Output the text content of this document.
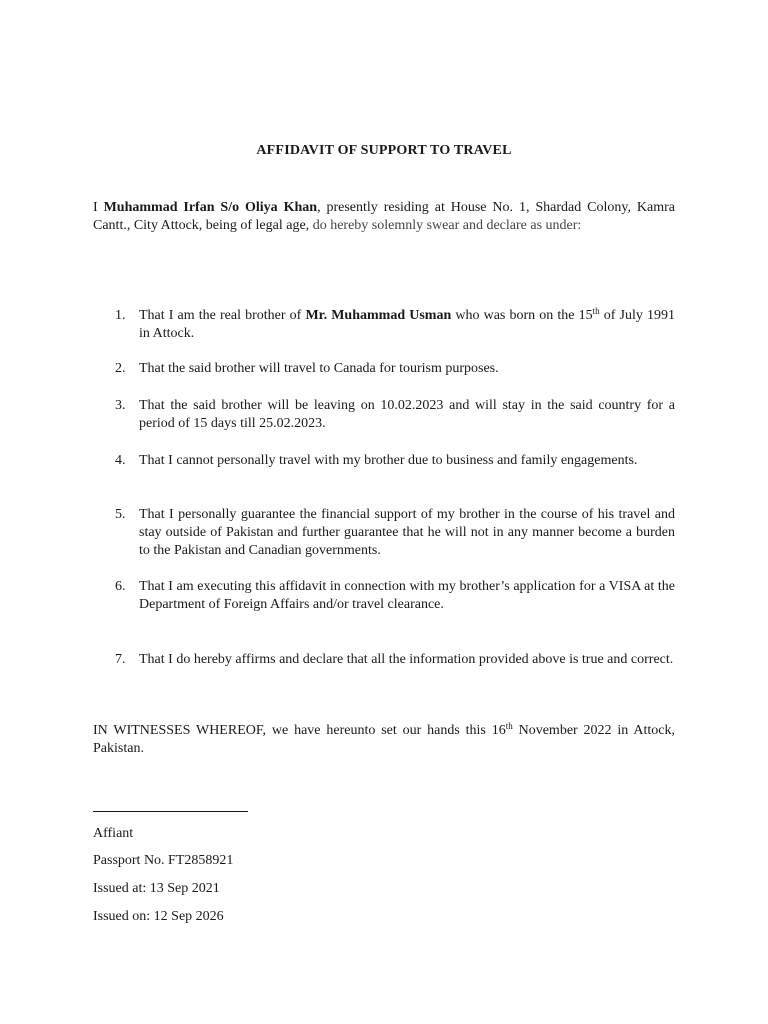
AFFIDAVIT OF SUPPORT TO TRAVEL
I Muhammad Irfan S/o Oliya Khan, presently residing at House No. 1, Shardad Colony, Kamra Cantt., City Attock, being of legal age, do hereby solemnly swear and declare as under:
1. That I am the real brother of Mr. Muhammad Usman who was born on the 15th of July 1991 in Attock.
2. That the said brother will travel to Canada for tourism purposes.
3. That the said brother will be leaving on 10.02.2023 and will stay in the said country for a period of 15 days till 25.02.2023.
4. That I cannot personally travel with my brother due to business and family engagements.
5. That I personally guarantee the financial support of my brother in the course of his travel and stay outside of Pakistan and further guarantee that he will not in any manner become a burden to the Pakistan and Canadian governments.
6. That I am executing this affidavit in connection with my brother’s application for a VISA at the Department of Foreign Affairs and/or travel clearance.
7. That I do hereby affirms and declare that all the information provided above is true and correct.
IN WITNESSES WHEREOF, we have hereunto set our hands this 16th November 2022 in Attock, Pakistan.
Affiant
Passport No. FT2858921
Issued at: 13 Sep 2021
Issued on: 12 Sep 2026
